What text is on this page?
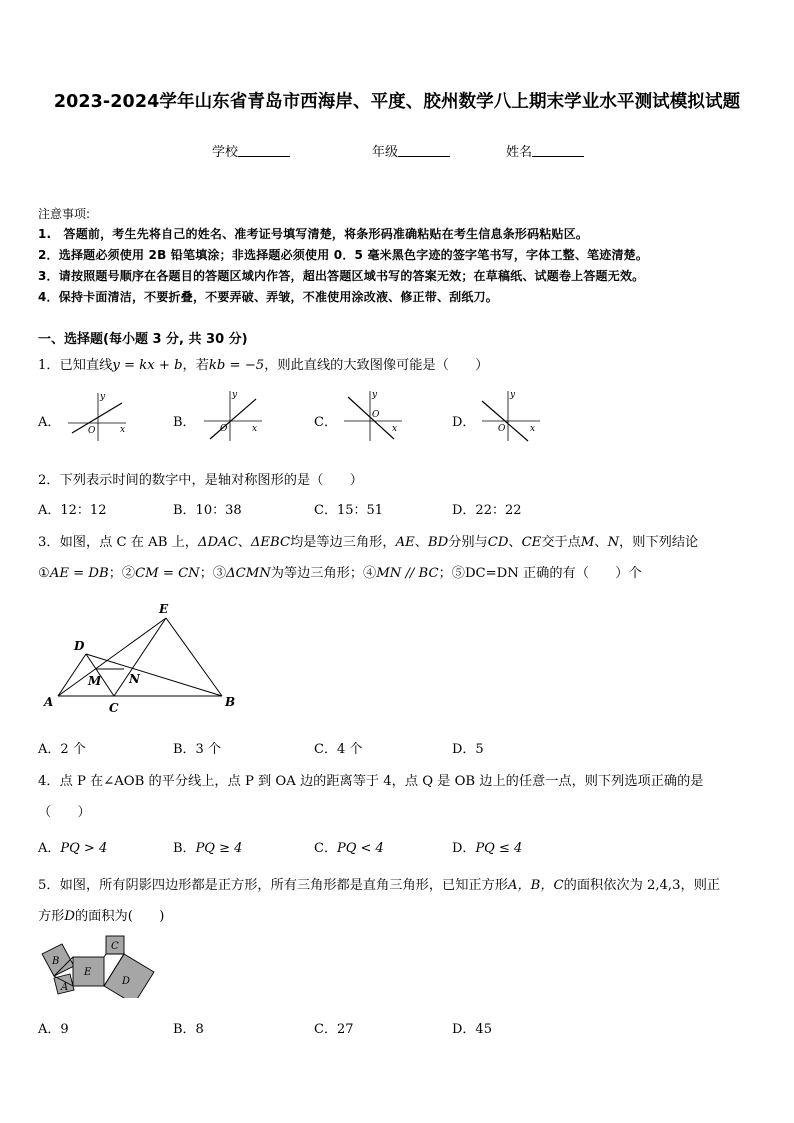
2023-2024学年山东省青岛市西海岸、平度、胶州数学八上期末学业水平测试模拟试题
学校	年级	姓名
注意事项:
1.　答题前，考生先将自己的姓名、准考证号填写清楚，将条形码准确粘贴在考生信息条形码粘贴区。
2．选择题必须使用 2B 铅笔填涂；非选择题必须使用 0．5 毫米黑色字迹的签字笔书写，字体工整、笔迹清楚。
3．请按照题号顺序在各题目的答题区域内作答，超出答题区域书写的答案无效；在草稿纸、试题卷上答题无效。
4．保持卡面清洁，不要折叠，不要弄破、弄皱，不准使用涂改液、修正带、刮纸刀。
一、选择题(每小题 3 分, 共 30 分)
1．已知直线y = kx + b，若kb = −5，则此直线的大致图像可能是（　　）
A．
y
x
O
B．
y
x
O	C．
y
x
O	D．
y
x
O
2．下列表示时间的数字中，是轴对称图形的是（　　）
A．12：12	B．10：38	C．15：51	D．22：22
3．如图，点 C 在 AB 上，ΔDAC、ΔEBC均是等边三角形，AE、BD分别与CD、CE交于点M、N，则下列结论
①AE = DB；②CM = CN；③ΔCMN为等边三角形；④MN // BC；⑤DC=DN 正确的有（　　）个
A	B
C
D
E
M N
A．2 个	B．3 个	C．4 个	D．5
4．点 P 在∠AOB 的平分线上，点 P 到 OA 边的距离等于 4，点 Q 是 OB 边上的任意一点，则下列选项正确的是
（　　）
A．PQ > 4	B．PQ ≥ 4	C．PQ < 4	D．PQ ≤ 4
5．如图，所有阴影四边形都是正方形，所有三角形都是直角三角形，已知正方形A，B，C的面积依次为 2,4,3，则正
方形D的面积为(　　)
B
A
E
C
D
A．9	B．8	C．27	D．45
